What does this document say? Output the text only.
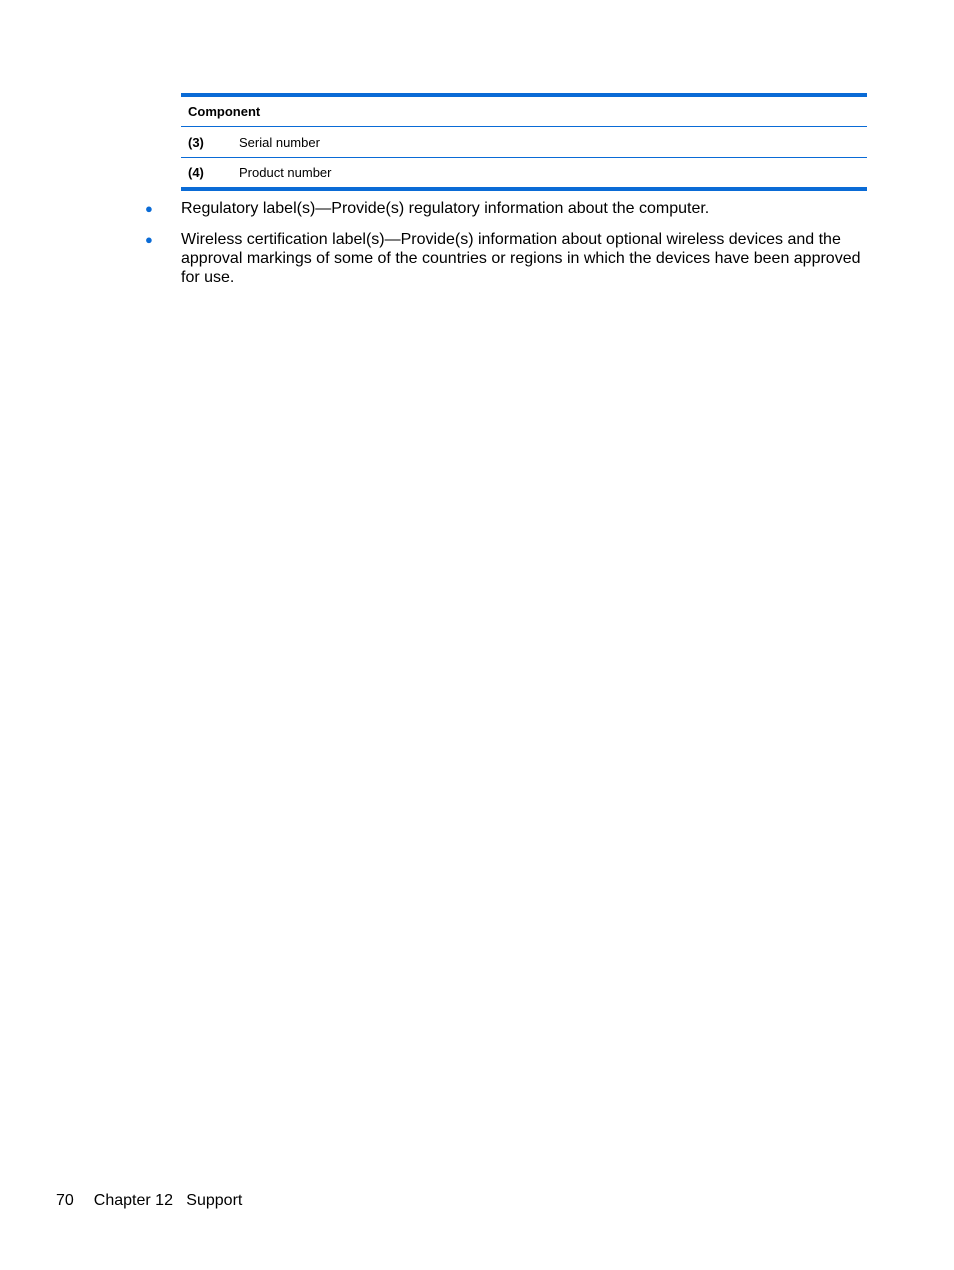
Component
(3)	Serial number
(4)	Product number
●	Regulatory label(s)—Provide(s) regulatory information about the computer.
●	Wireless certification label(s)—Provide(s) information about optional wireless devices and the approval markings of some of the countries or regions in which the devices have been approved for use.
70 Chapter 12   Support
